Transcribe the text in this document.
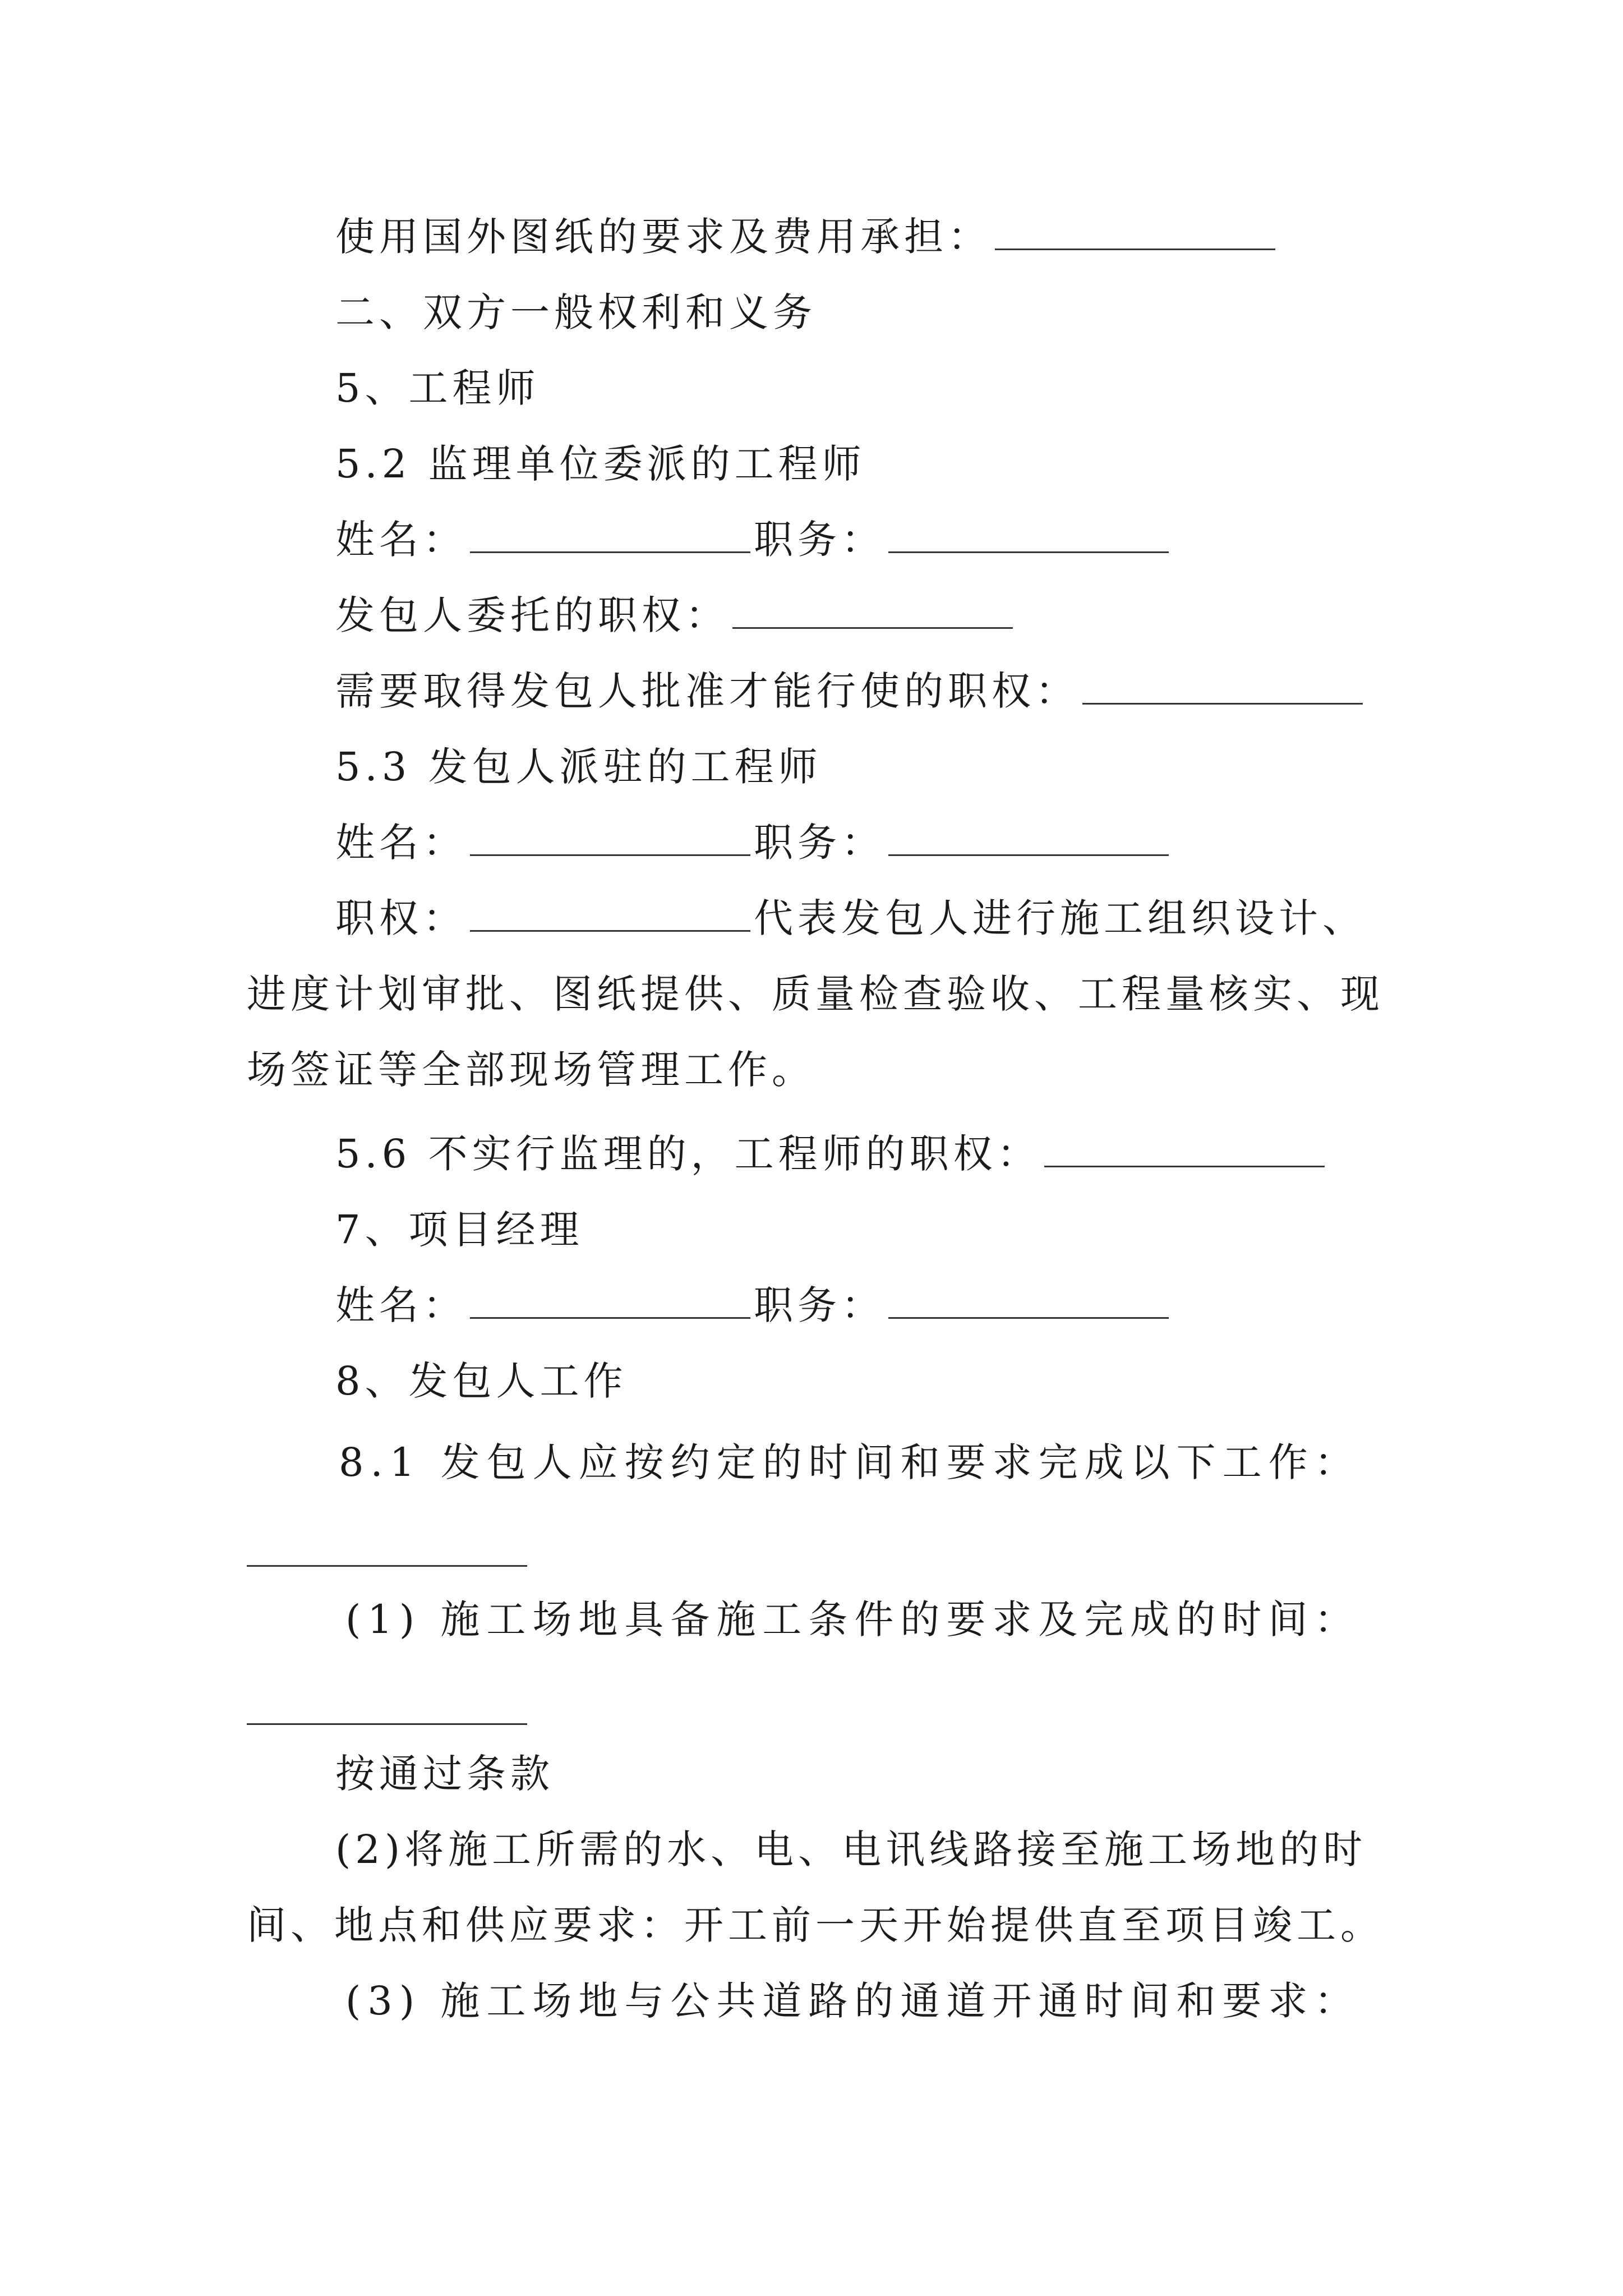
使用国外图纸的要求及费用承担：
二、双方一般权利和义务
5、工程师
5.2 监理单位委派的工程师
姓名：	职务：
发包人委托的职权：
需要取得发包人批准才能行使的职权：
5.3 发包人派驻的工程师
姓名：	职务：
职权：	代表发包人进行施工组织设计、
进度计划审批、图纸提供、质量检查验收、工程量核实、现
场签证等全部现场管理工作。
5.6 不实行监理的，工程师的职权：
7、项目经理
姓名：	职务：
8、发包人工作
8.1 发包人应按约定的时间和要求完成以下工作：
(1) 施工场地具备施工条件的要求及完成的时间：
按通过条款
(2)将施工所需的水、电、电讯线路接至施工场地的时
间、地点和供应要求：开工前一天开始提供直至项目竣工。
(3) 施工场地与公共道路的通道开通时间和要求：
